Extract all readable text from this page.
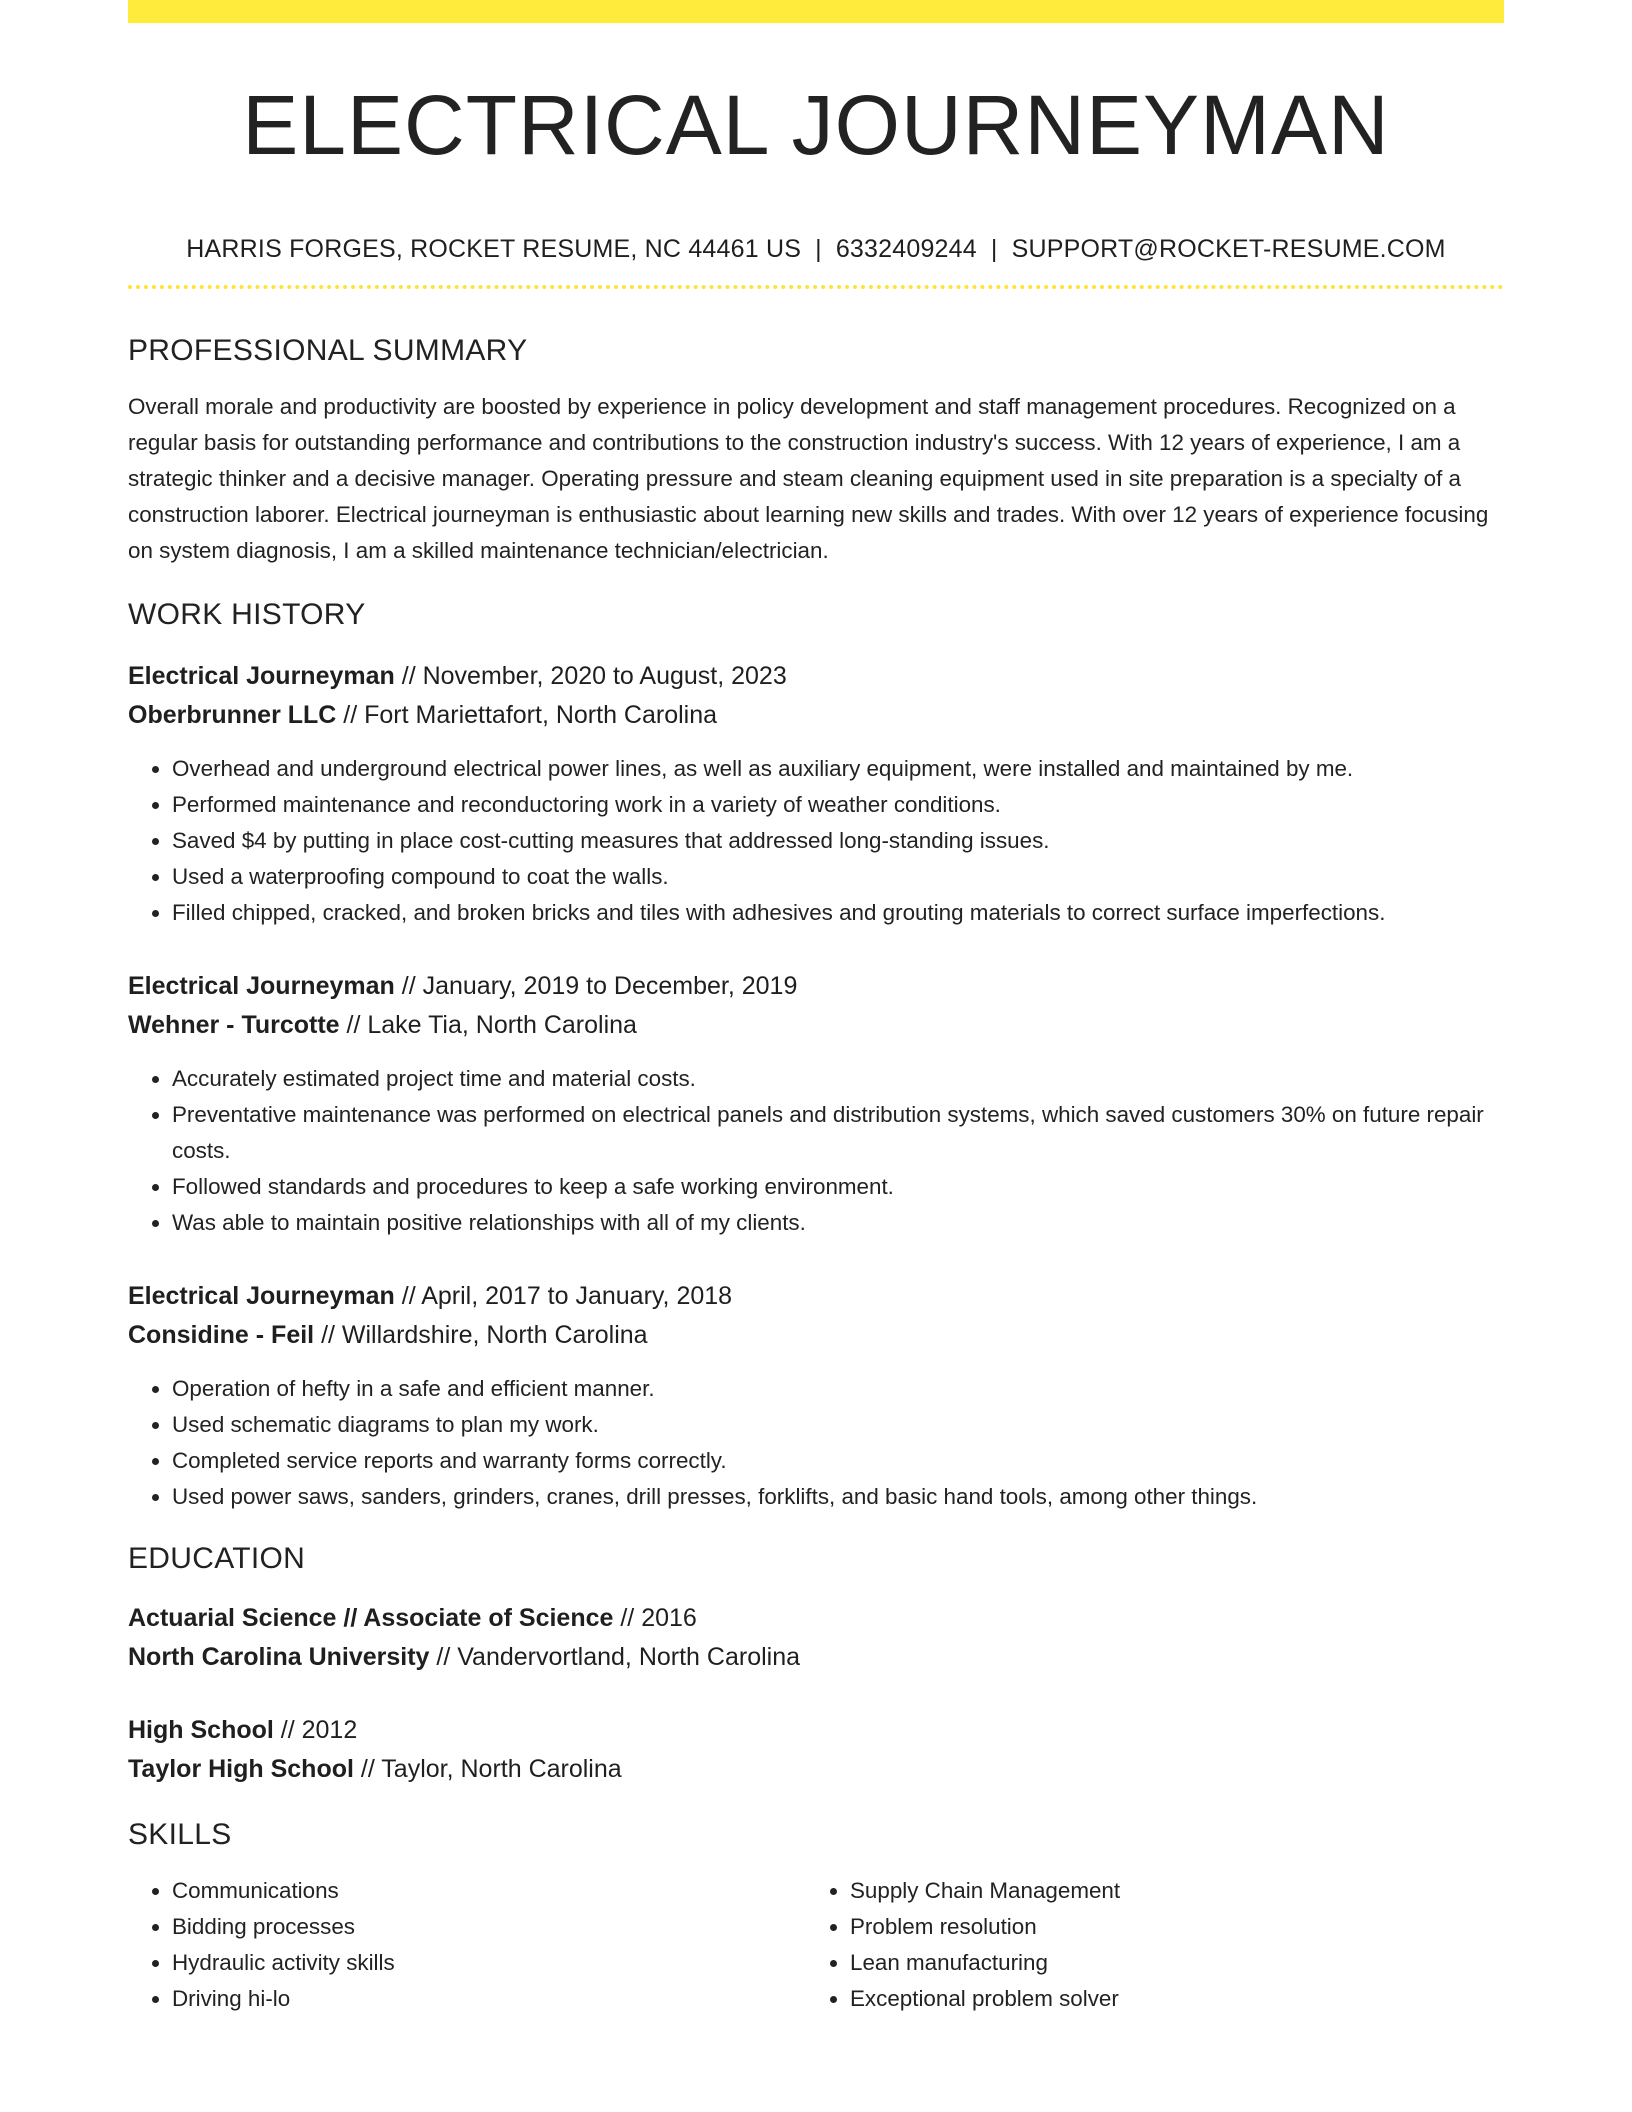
ELECTRICAL JOURNEYMAN
HARRIS FORGES, ROCKET RESUME, NC 44461 US | 6332409244 | SUPPORT@ROCKET-RESUME.COM
PROFESSIONAL SUMMARY

Overall morale and productivity are boosted by experience in policy development and staff management procedures. Recognized on a regular basis for outstanding performance and contributions to the construction industry's success. With 12 years of experience, I am a strategic thinker and a decisive manager. Operating pressure and steam cleaning equipment used in site preparation is a specialty of a construction laborer. Electrical journeyman is enthusiastic about learning new skills and trades. With over 12 years of experience focusing on system diagnosis, I am a skilled maintenance technician/electrician.

WORK HISTORY
Electrical Journeyman // November, 2020 to August, 2023
Oberbrunner LLC // Fort Mariettafort, North Carolina
• Overhead and underground electrical power lines, as well as auxiliary equipment, were installed and maintained by me.
• Performed maintenance and reconductoring work in a variety of weather conditions.
• Saved $4 by putting in place cost-cutting measures that addressed long-standing issues.
• Used a waterproofing compound to coat the walls.
• Filled chipped, cracked, and broken bricks and tiles with adhesives and grouting materials to correct surface imperfections.
Electrical Journeyman // January, 2019 to December, 2019
Wehner - Turcotte // Lake Tia, North Carolina
• Accurately estimated project time and material costs.
• Preventative maintenance was performed on electrical panels and distribution systems, which saved customers 30% on future repair costs.
• Followed standards and procedures to keep a safe working environment.
• Was able to maintain positive relationships with all of my clients.
Electrical Journeyman // April, 2017 to January, 2018
Considine - Feil // Willardshire, North Carolina
• Operation of hefty in a safe and efficient manner.
• Used schematic diagrams to plan my work.
• Completed service reports and warranty forms correctly.
• Used power saws, sanders, grinders, cranes, drill presses, forklifts, and basic hand tools, among other things.
EDUCATION
Actuarial Science // Associate of Science // 2016
North Carolina University // Vandervortland, North Carolina
High School // 2012
Taylor High School // Taylor, North Carolina
SKILLS
• Communications
• Bidding processes
• Hydraulic activity skills
• Driving hi-lo
• Supply Chain Management
• Problem resolution
• Lean manufacturing
• Exceptional problem solver
